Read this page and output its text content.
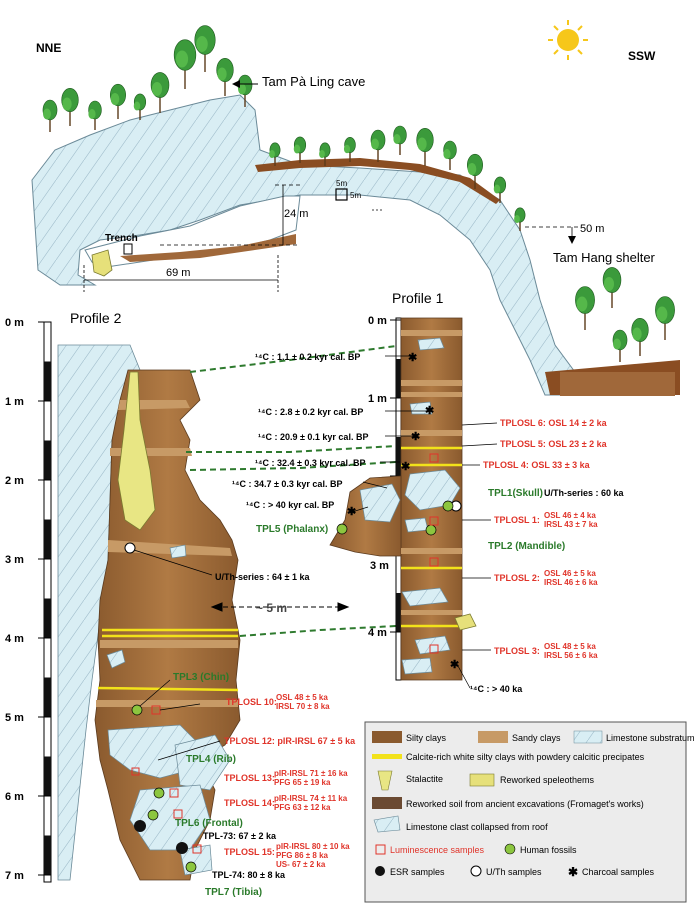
NNE
SSW
Tam Pà Ling cave
Trench
24 m
69 m
50 m
Tam Hang shelter
5m
5m
Profile 2
0 m
1 m
2 m
3 m
4 m
5 m
6 m
7 m
~ 5 m
U/Th-series : 64 ± 1 ka
TPL3 (Chin)
TPLOSL 10: OSL 48 ± 5 ka
IRSL 70 ± 8 ka
TPLOSL 12: pIR-IRSL 67 ± 5 ka
TPL4 (Rib)
TPLOSL 13: pIR-IRSL 71 ± 16 ka
PFG 65 ± 19 ka
TPL6 (Frontal)
TPLOSL 14: pIR-IRSL 74 ± 11 ka
PFG 63 ± 12 ka
TPL-73: 67 ± 2 ka
TPLOSL 15:
pIR-IRSL 80 ± 10 ka
PFG 86 ± 8 ka
US- 67 ± 2 ka
TPL-74: 80 ± 8 ka
TPL7 (Tibia)
Profile 1
0 m
1 m
3 m
4 m
✱
✱
✱
✱
✱
✱
¹⁴C : 1.1 ± 0.2 kyr cal. BP
¹⁴C : 2.8 ± 0.2 kyr cal. BP
¹⁴C : 20.9 ± 0.1 kyr cal. BP
¹⁴C : 32.4 ± 0.3 kyr cal. BP
¹⁴C : 34.7 ± 0.3 kyr cal. BP
¹⁴C : > 40 kyr cal. BP
¹⁴C : > 40 ka
TPL5 (Phalanx)
TPL1(Skull) U/Th-series : 60 ka
TPL2 (Mandible)
TPLOSL 6: OSL 14 ± 2 ka
TPLOSL 5: OSL 23 ± 2 ka
TPLOSL 4: OSL 33 ± 3 ka
TPLOSL 1: OSL 46 ± 4 ka
IRSL 43 ± 7 ka
TPLOSL 2: OSL 46 ± 5 ka
IRSL 46 ± 6 ka
TPLOSL 3: OSL 48 ± 5 ka
IRSL 56 ± 6 ka
Silty clays	Sandy clays	Limestone substratum
Calcite-rich white silty clays with powdery calcitic precipates
Stalactite	Reworked speleothems
Reworked soil from ancient excavations (Fromaget's works)
Limestone clast collapsed from roof
Luminescence samples	Human fossils
ESR samples	U/Th samples ✱ Charcoal samples
